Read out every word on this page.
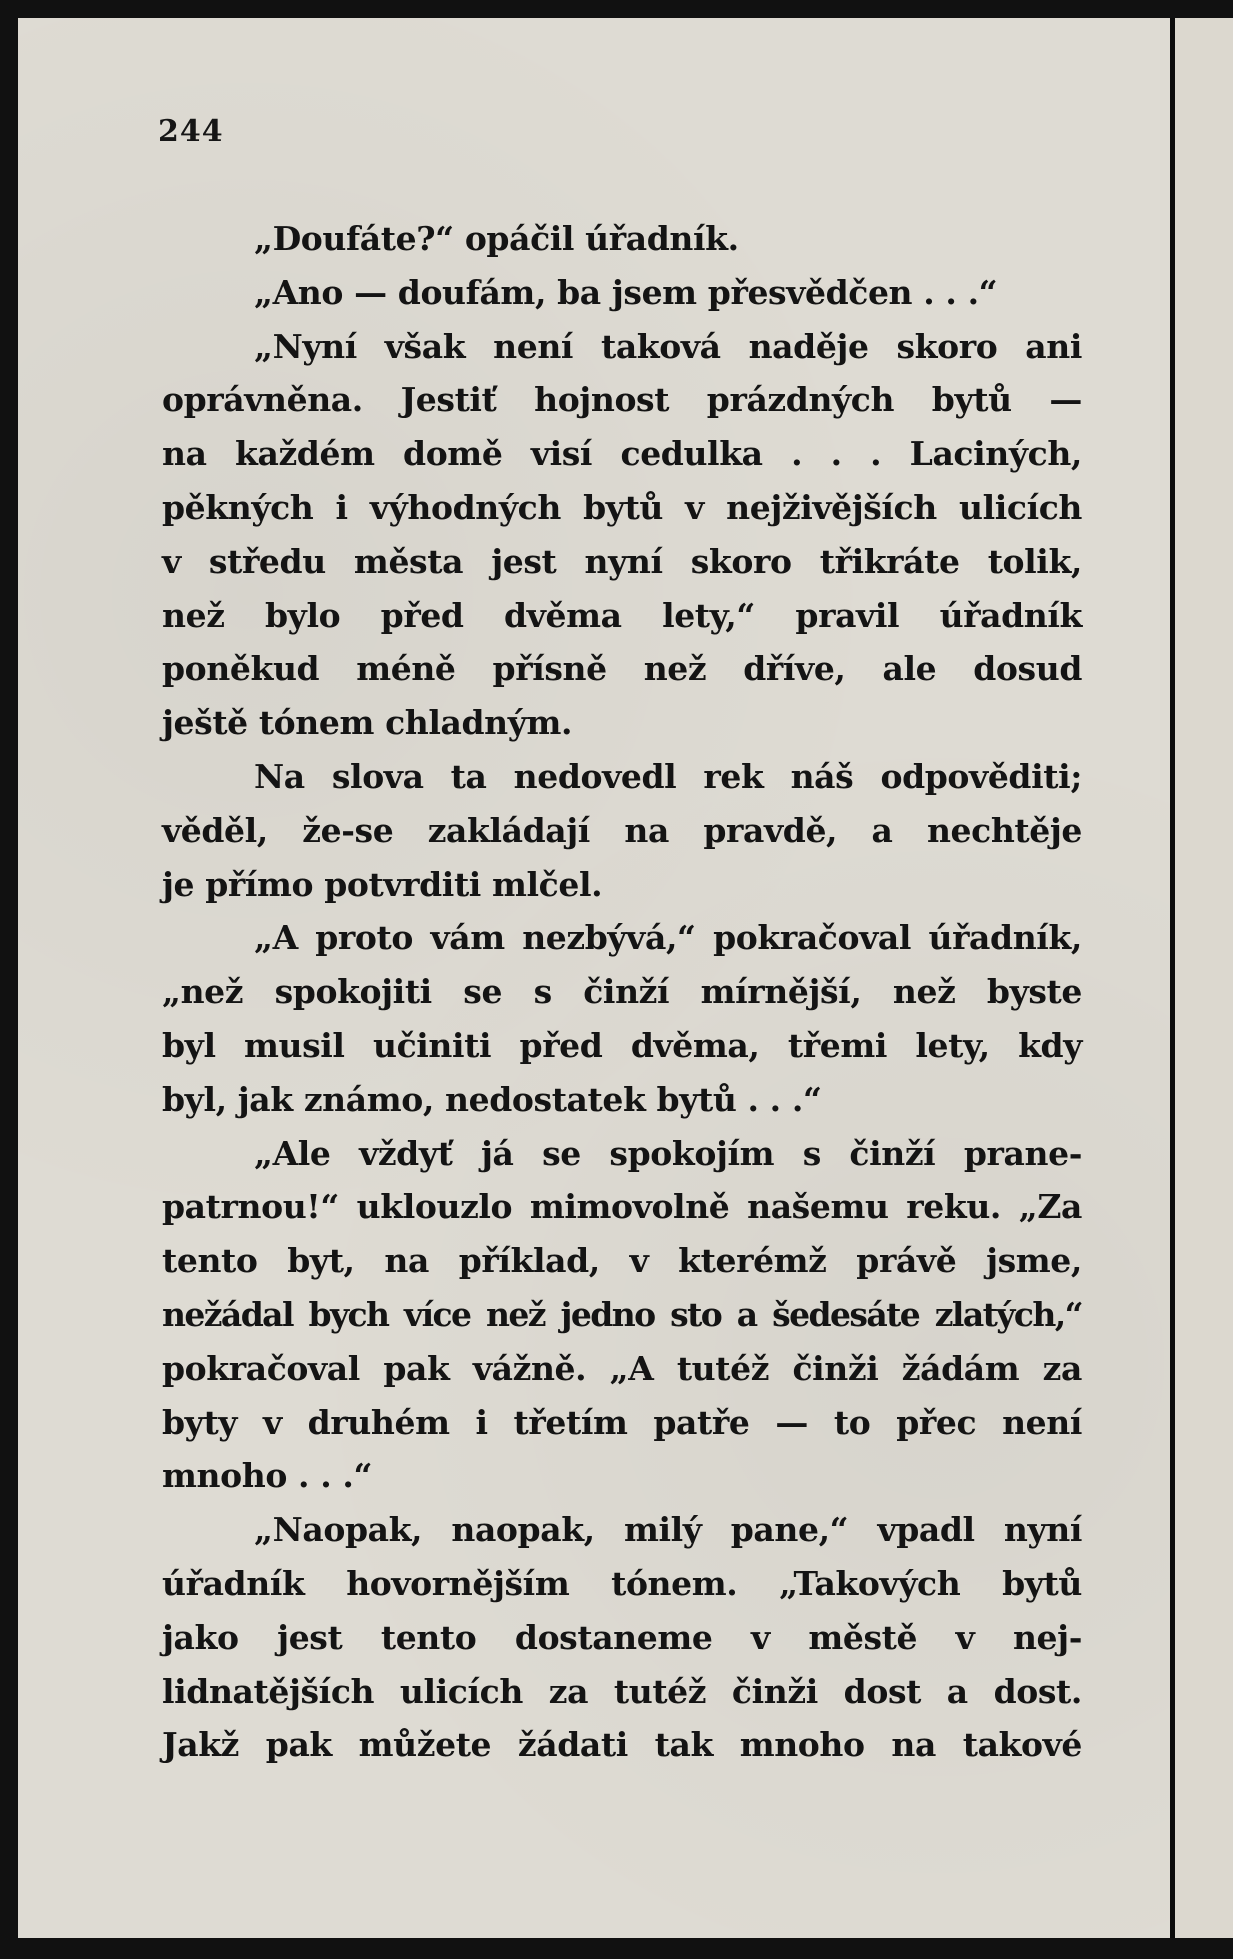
244
„Doufáte?“ opáčil úřadník.
„Ano — doufám, ba jsem přesvědčen . . .“
„Nyní však není taková naděje skoro ani
oprávněna. Jestiť hojnost prázdných bytů —
na každém domě visí cedulka . . . Laciných,
pěkných i výhodných bytů v nejživějších ulicích
v středu města jest nyní skoro třikráte tolik,
než bylo před dvěma lety,“ pravil úřadník
poněkud méně přísně než dříve, ale dosud
ještě tónem chladným.
Na slova ta nedovedl rek náš odpověditi;
věděl, že-se zakládají na pravdě, a nechtěje
je přímo potvrditi mlčel.
„A proto vám nezbývá,“ pokračoval úřadník,
„než spokojiti se s činží mírnější, než byste
byl musil učiniti před dvěma, třemi lety, kdy
byl, jak známo, nedostatek bytů . . .“
„Ale vždyť já se spokojím s činží prane-
patrnou!“ uklouzlo mimovolně našemu reku. „Za
tento byt, na příklad, v kterémž právě jsme,
nežádal bych více než jedno sto a šedesáte zlatých,“
pokračoval pak vážně. „A tutéž činži žádám za
byty v druhém i třetím patře — to přec není
mnoho . . .“
„Naopak, naopak, milý pane,“ vpadl nyní
úřadník hovornějším tónem. „Takových bytů
jako jest tento dostaneme v městě v nej-
lidnatějších ulicích za tutéž činži dost a dost.
Jakž pak můžete žádati tak mnoho na takové
